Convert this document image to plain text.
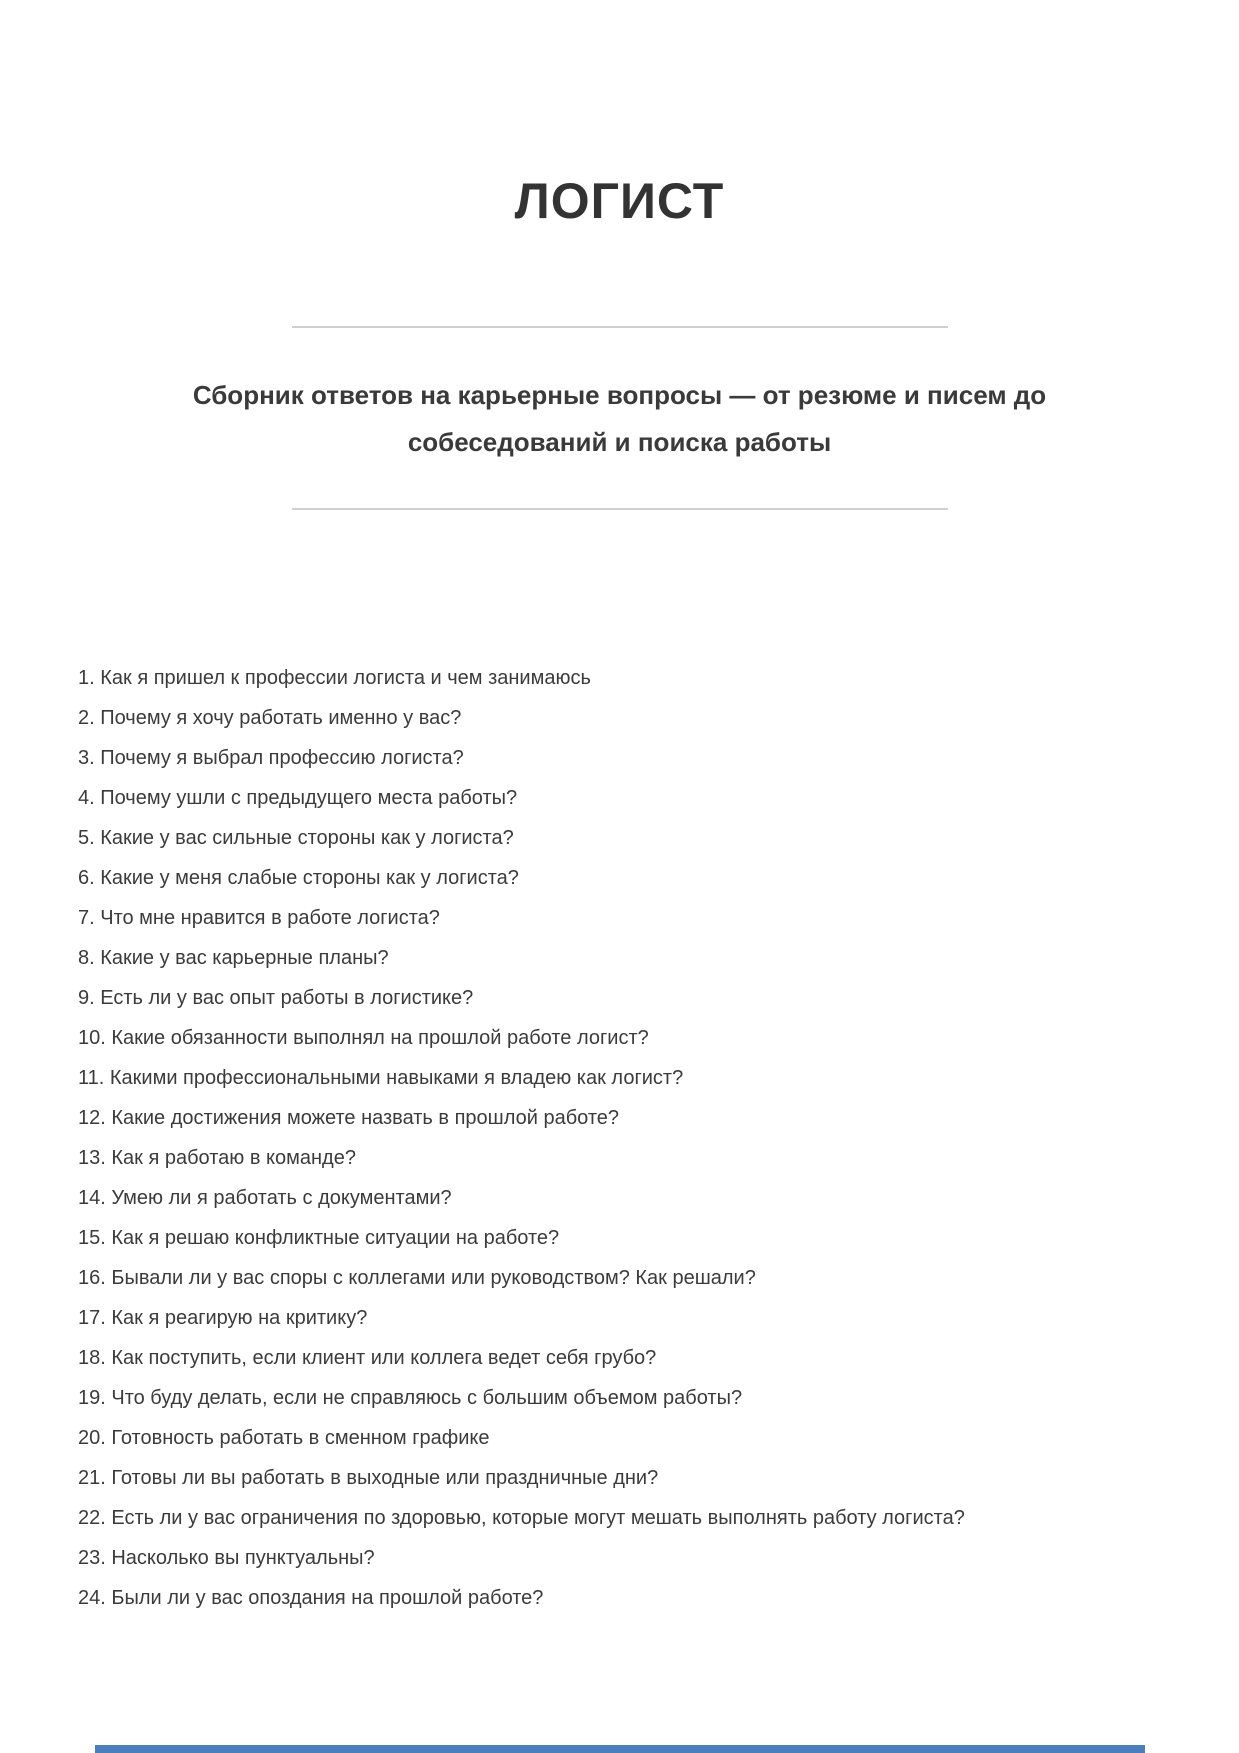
ЛОГИСТ
Сборник ответов на карьерные вопросы — от резюме и писем до собеседований и поиска работы

1. Как я пришел к профессии логиста и чем занимаюсь

2. Почему я хочу работать именно у вас?

3. Почему я выбрал профессию логиста?

4. Почему ушли с предыдущего места работы?

5. Какие у вас сильные стороны как у логиста?

6. Какие у меня слабые стороны как у логиста?

7. Что мне нравится в работе логиста?

8. Какие у вас карьерные планы?

9. Есть ли у вас опыт работы в логистике?

10. Какие обязанности выполнял на прошлой работе логист?

11. Какими профессиональными навыками я владею как логист?

12. Какие достижения можете назвать в прошлой работе?

13. Как я работаю в команде?

14. Умею ли я работать с документами?

15. Как я решаю конфликтные ситуации на работе?

16. Бывали ли у вас споры с коллегами или руководством? Как решали?

17. Как я реагирую на критику?

18. Как поступить, если клиент или коллега ведет себя грубо?

19. Что буду делать, если не справляюсь с большим объемом работы?

20. Готовность работать в сменном графике

21. Готовы ли вы работать в выходные или праздничные дни?

22. Есть ли у вас ограничения по здоровью, которые могут мешать выполнять работу логиста?

23. Насколько вы пунктуальны?

24. Были ли у вас опоздания на прошлой работе?
